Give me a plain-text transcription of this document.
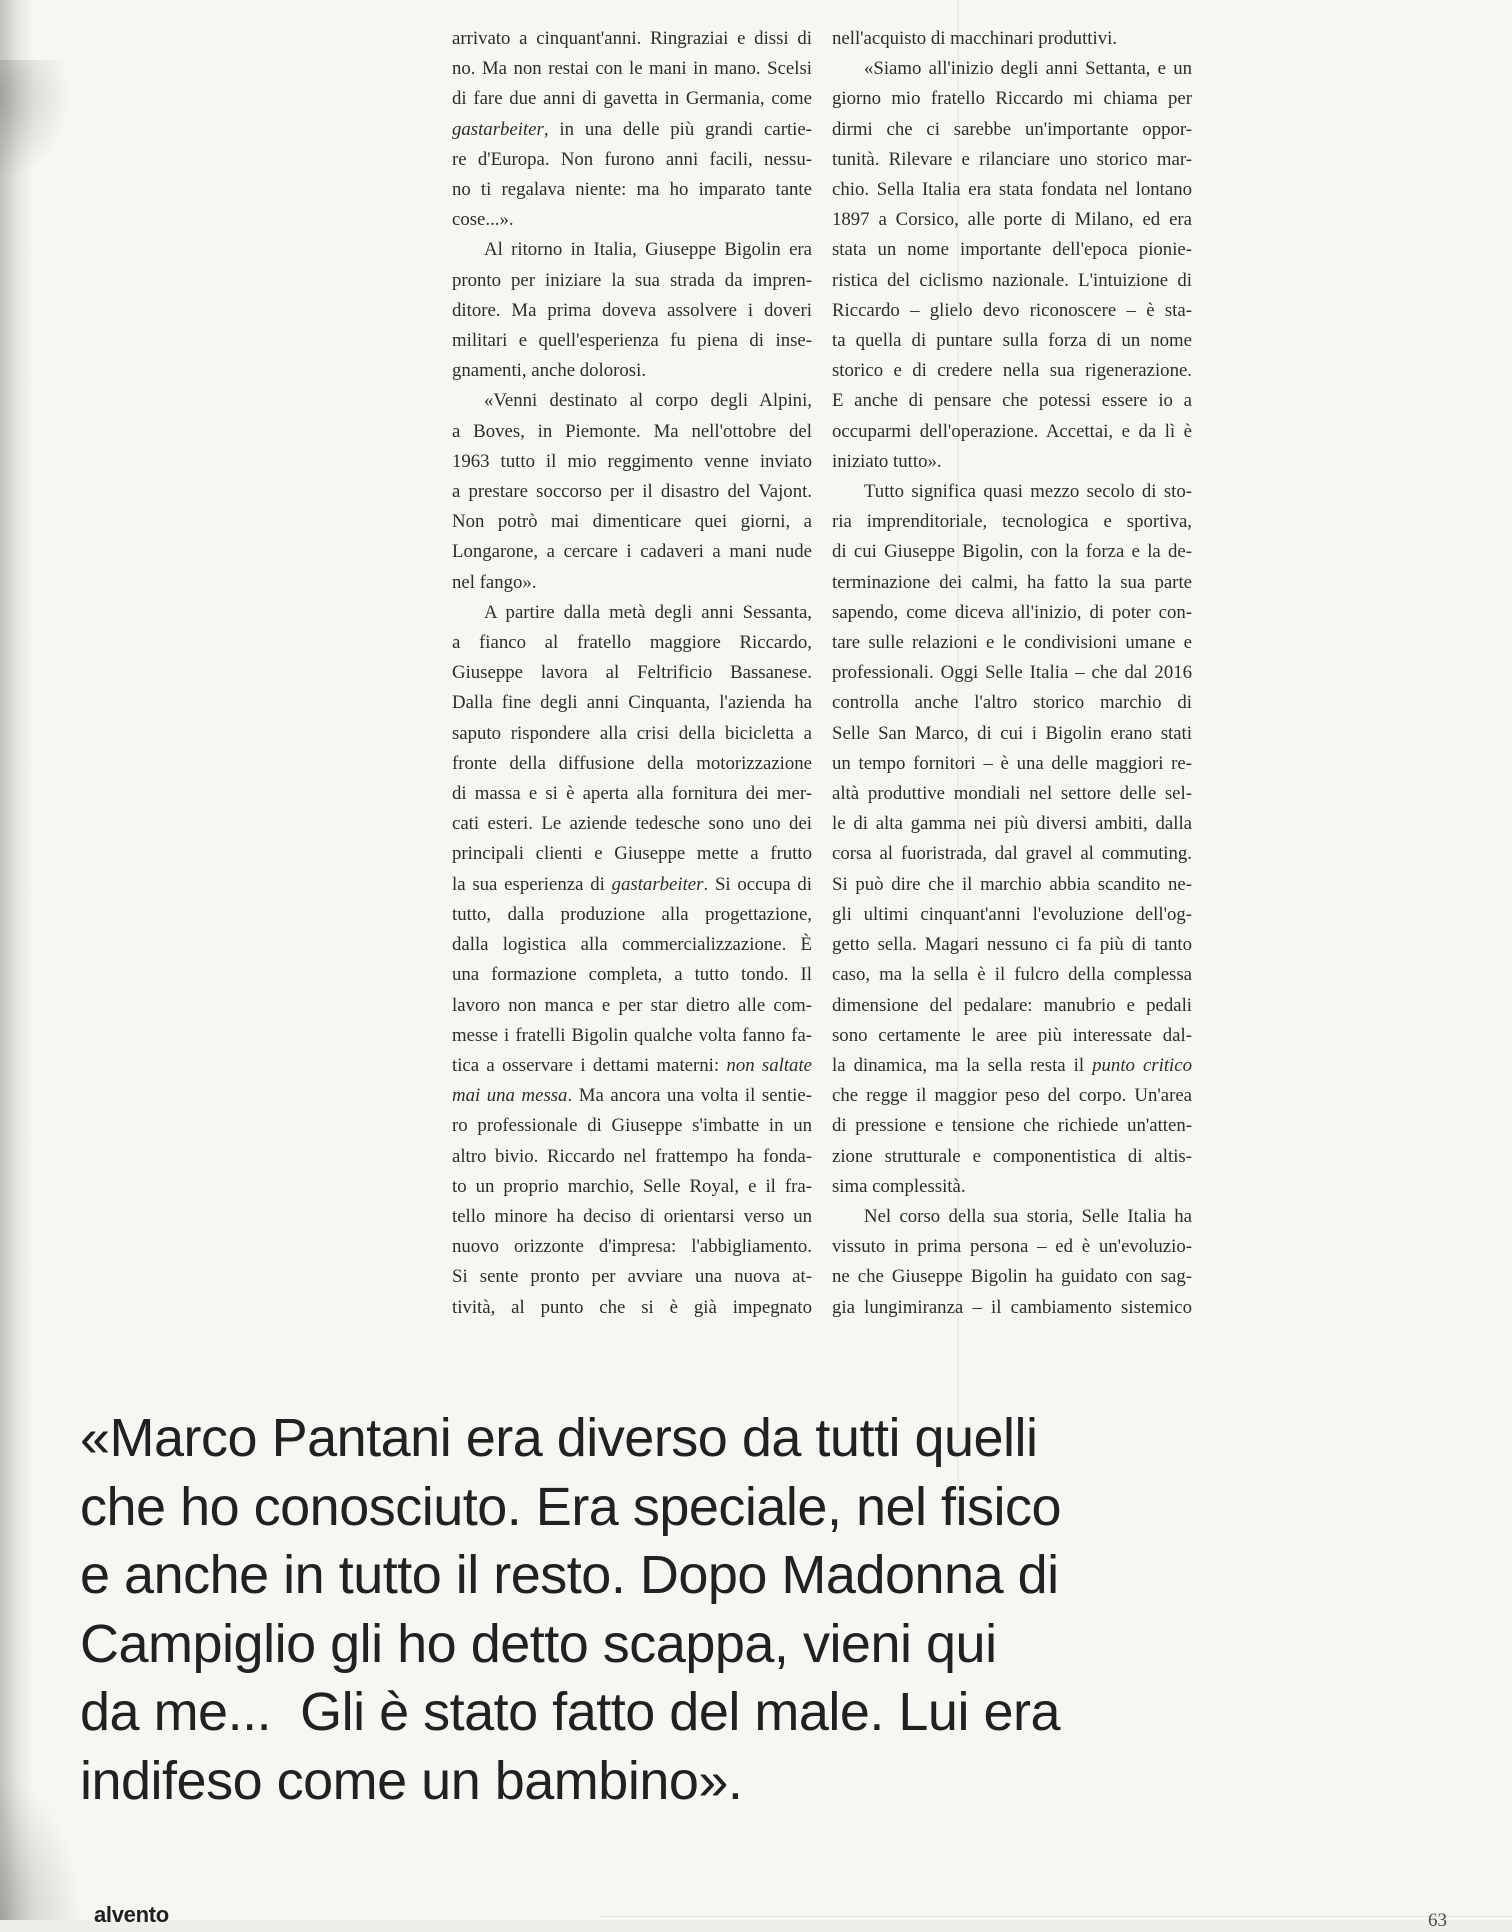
arrivato a cinquant'anni. Ringraziai e dissi di
no. Ma non restai con le mani in mano. Scelsi
di fare due anni di gavetta in Germania, come
gastarbeiter, in una delle più grandi cartie-
re d'Europa. Non furono anni facili, nessu-
no ti regalava niente: ma ho imparato tante
cose...».
Al ritorno in Italia, Giuseppe Bigolin era
pronto per iniziare la sua strada da impren-
ditore. Ma prima doveva assolvere i doveri
militari e quell'esperienza fu piena di inse-
gnamenti, anche dolorosi.
«Venni destinato al corpo degli Alpini,
a Boves, in Piemonte. Ma nell'ottobre del
1963 tutto il mio reggimento venne inviato
a prestare soccorso per il disastro del Vajont.
Non potrò mai dimenticare quei giorni, a
Longarone, a cercare i cadaveri a mani nude
nel fango».
A partire dalla metà degli anni Sessanta,
a fianco al fratello maggiore Riccardo,
Giuseppe lavora al Feltrificio Bassanese.
Dalla fine degli anni Cinquanta, l'azienda ha
saputo rispondere alla crisi della bicicletta a
fronte della diffusione della motorizzazione
di massa e si è aperta alla fornitura dei mer-
cati esteri. Le aziende tedesche sono uno dei
principali clienti e Giuseppe mette a frutto
la sua esperienza di gastarbeiter. Si occupa di
tutto, dalla produzione alla progettazione,
dalla logistica alla commercializzazione. È
una formazione completa, a tutto tondo. Il
lavoro non manca e per star dietro alle com-
messe i fratelli Bigolin qualche volta fanno fa-
tica a osservare i dettami materni: non saltate
mai una messa. Ma ancora una volta il sentie-
ro professionale di Giuseppe s'imbatte in un
altro bivio. Riccardo nel frattempo ha fonda-
to un proprio marchio, Selle Royal, e il fra-
tello minore ha deciso di orientarsi verso un
nuovo orizzonte d'impresa: l'abbigliamento.
Si sente pronto per avviare una nuova at-
tività, al punto che si è già impegnato
nell'acquisto di macchinari produttivi.
«Siamo all'inizio degli anni Settanta, e un
giorno mio fratello Riccardo mi chiama per
dirmi che ci sarebbe un'importante oppor-
tunità. Rilevare e rilanciare uno storico mar-
chio. Sella Italia era stata fondata nel lontano
1897 a Corsico, alle porte di Milano, ed era
stata un nome importante dell'epoca pionie-
ristica del ciclismo nazionale. L'intuizione di
Riccardo – glielo devo riconoscere – è sta-
ta quella di puntare sulla forza di un nome
storico e di credere nella sua rigenerazione.
E anche di pensare che potessi essere io a
occuparmi dell'operazione. Accettai, e da lì è
iniziato tutto».
Tutto significa quasi mezzo secolo di sto-
ria imprenditoriale, tecnologica e sportiva,
di cui Giuseppe Bigolin, con la forza e la de-
terminazione dei calmi, ha fatto la sua parte
sapendo, come diceva all'inizio, di poter con-
tare sulle relazioni e le condivisioni umane e
professionali. Oggi Selle Italia – che dal 2016
controlla anche l'altro storico marchio di
Selle San Marco, di cui i Bigolin erano stati
un tempo fornitori – è una delle maggiori re-
altà produttive mondiali nel settore delle sel-
le di alta gamma nei più diversi ambiti, dalla
corsa al fuoristrada, dal gravel al commuting.
Si può dire che il marchio abbia scandito ne-
gli ultimi cinquant'anni l'evoluzione dell'og-
getto sella. Magari nessuno ci fa più di tanto
caso, ma la sella è il fulcro della complessa
dimensione del pedalare: manubrio e pedali
sono certamente le aree più interessate dal-
la dinamica, ma la sella resta il punto critico
che regge il maggior peso del corpo. Un'area
di pressione e tensione che richiede un'atten-
zione strutturale e componentistica di altis-
sima complessità.
Nel corso della sua storia, Selle Italia ha
vissuto in prima persona – ed è un'evoluzio-
ne che Giuseppe Bigolin ha guidato con sag-
gia lungimiranza – il cambiamento sistemico
«Marco Pantani era diverso da tutti quelli
che ho conosciuto. Era speciale, nel fisico
e anche in tutto il resto. Dopo Madonna di
Campiglio gli ho detto scappa, vieni qui
da me...  Gli è stato fatto del male. Lui era
indifeso come un bambino».
alvento	63
